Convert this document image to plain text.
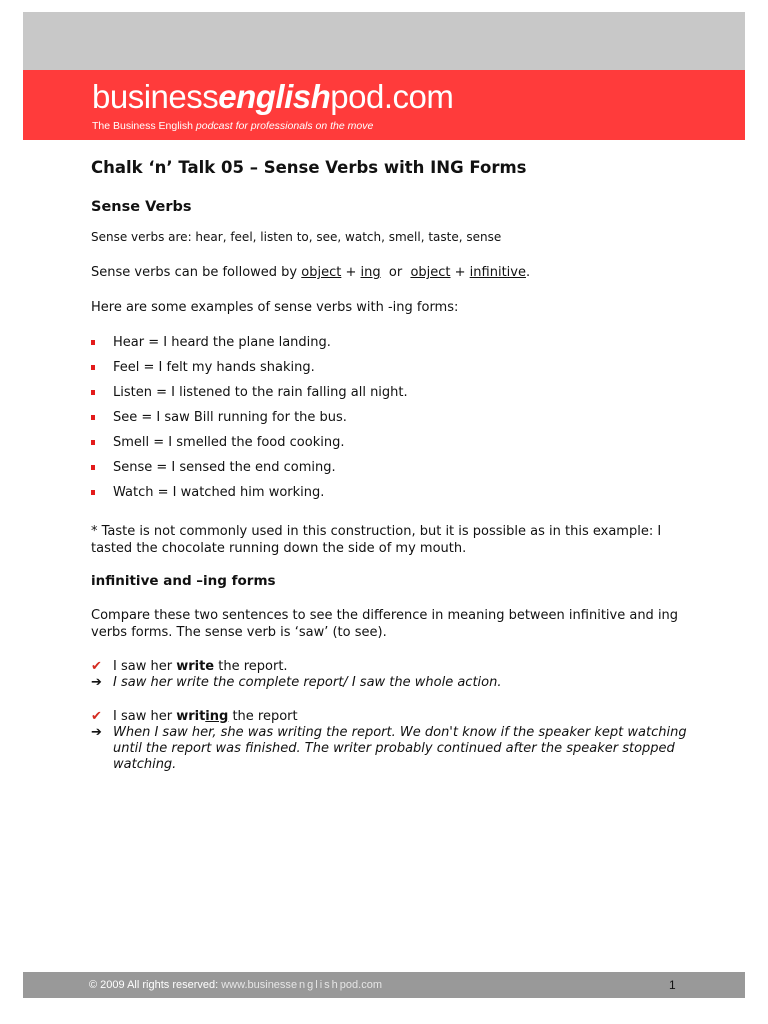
businessenglishpod.com
The Business English podcast for professionals on the move
Chalk ‘n’ Talk 05 – Sense Verbs with ING Forms
Sense Verbs

Sense verbs are: hear, feel, listen to, see, watch, smell, taste, sense

Sense verbs can be followed by object + ing  or  object + infinitive.

Here are some examples of sense verbs with -ing forms:

Hear = I heard the plane landing.
Feel = I felt my hands shaking.
Listen = I listened to the rain falling all night.
See = I saw Bill running for the bus.
Smell = I smelled the food cooking.
Sense = I sensed the end coming.
Watch = I watched him working.

* Taste is not commonly used in this construction, but it is possible as in this example: I tasted the chocolate running down the side of my mouth.

infinitive and –ing forms

Compare these two sentences to see the difference in meaning between infinitive and ing verbs forms. The sense verb is ‘saw’ (to see).

✔ I saw her write the report.
➔ I saw her write the complete report/ I saw the whole action.
✔ I saw her writing the report
➔ When I saw her, she was writing the report. We don't know if the speaker kept watching until the report was finished. The writer probably continued after the speaker stopped watching.
© 2009 All rights reserved: www.businessenglishpod.com	1
